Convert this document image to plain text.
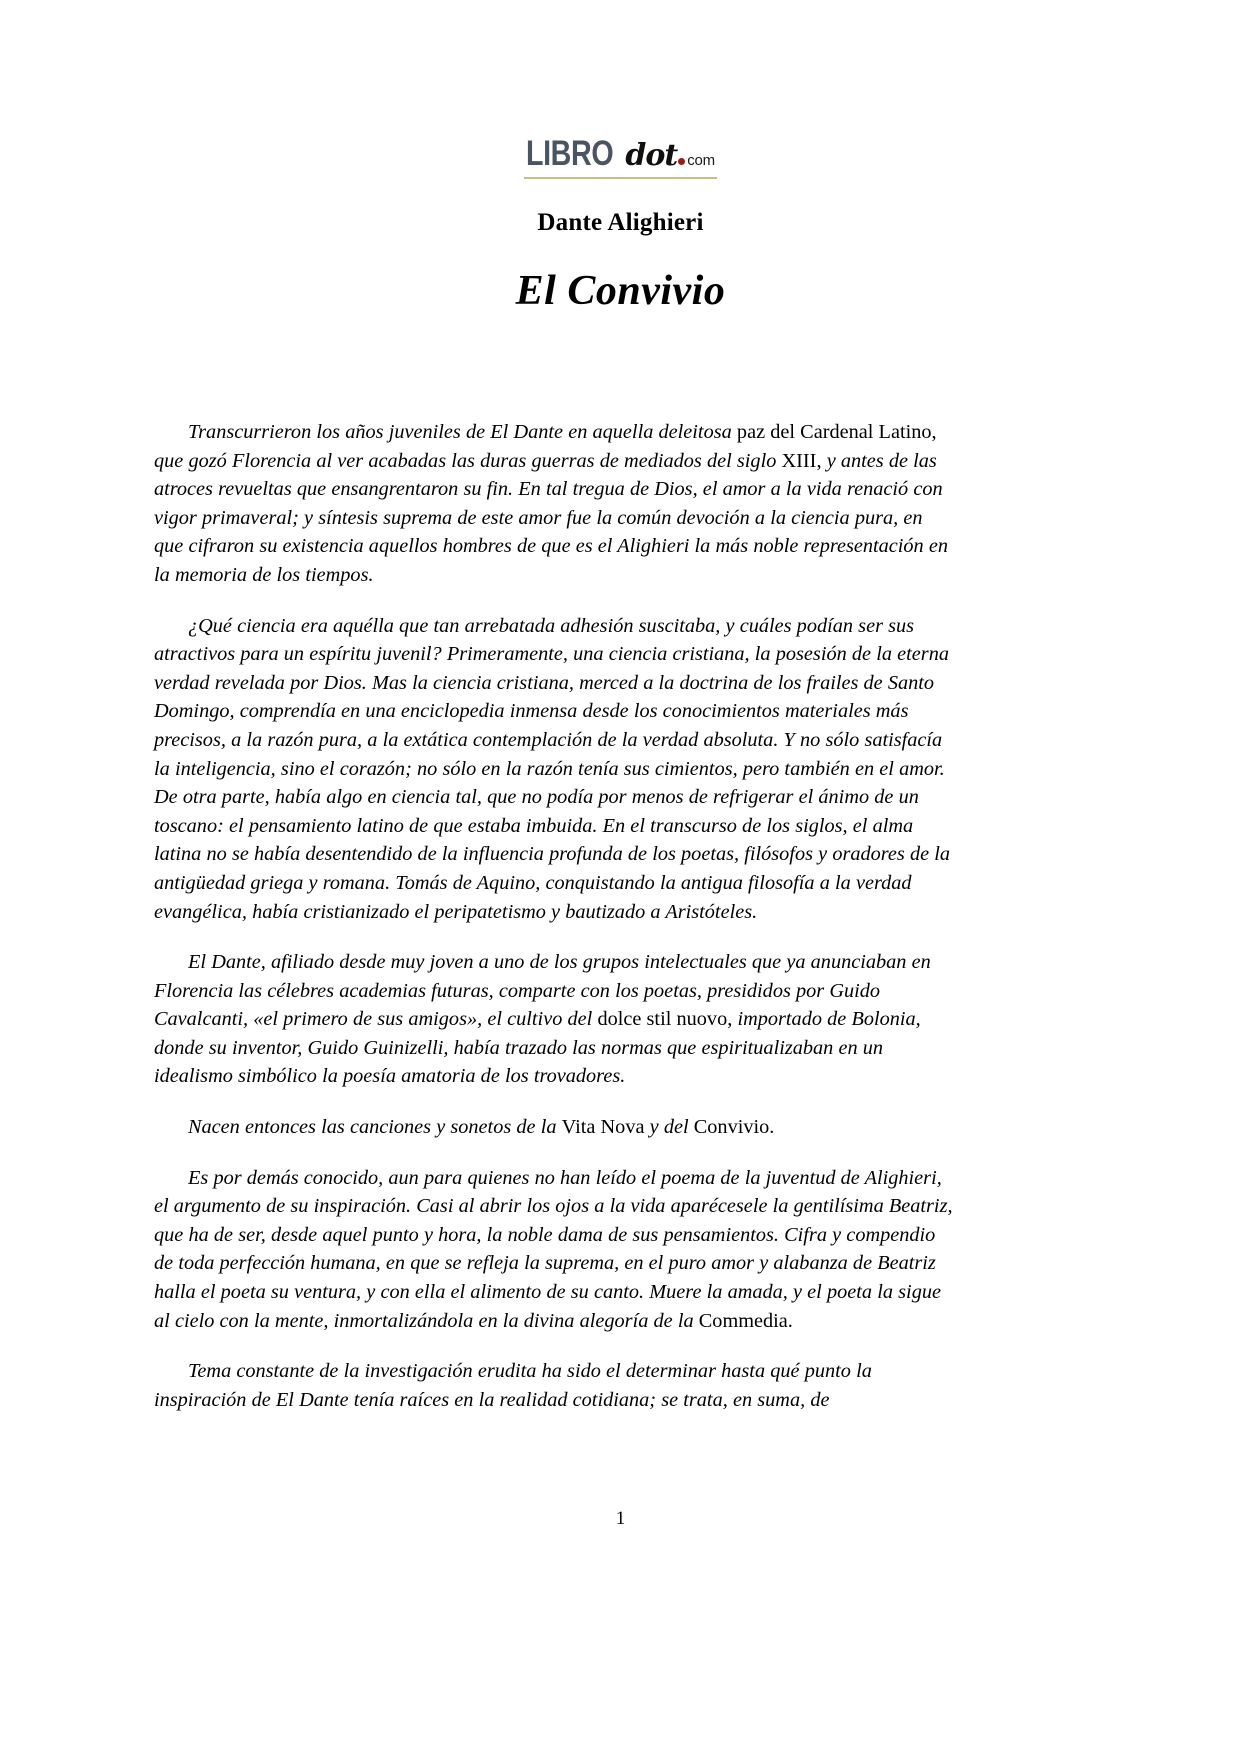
LIBRO dot com
Dante Alighieri
El Convivio

Transcurrieron los años juveniles de El Dante en aquella deleitosa paz del Cardenal Latino, que gozó Florencia al ver acabadas las duras guerras de mediados del siglo XIII, y antes de las atroces revueltas que ensangrentaron su fin. En tal tregua de Dios, el amor a la vida renació con vigor primaveral; y síntesis suprema de este amor fue la común devoción a la ciencia pura, en que cifraron su existencia aquellos hombres de que es el Alighieri la más noble representación en la memoria de los tiempos.

¿Qué ciencia era aquélla que tan arrebatada adhesión suscitaba, y cuáles podían ser sus atractivos para un espíritu juvenil? Primeramente, una ciencia cristiana, la posesión de la eterna verdad revelada por Dios. Mas la ciencia cristiana, merced a la doctrina de los frailes de Santo Domingo, comprendía en una enciclopedia inmensa desde los conocimientos materiales más precisos, a la razón pura, a la extática contemplación de la verdad absoluta. Y no sólo satisfacía la inteligencia, sino el corazón; no sólo en la razón tenía sus cimientos, pero también en el amor. De otra parte, había algo en ciencia tal, que no podía por menos de refrigerar el ánimo de un toscano: el pensamiento latino de que estaba imbuida. En el transcurso de los siglos, el alma latina no se había desentendido de la influencia profunda de los poetas, filósofos y oradores de la antigüedad griega y romana. Tomás de Aquino, conquistando la antigua filosofía a la verdad evangélica, había cristianizado el peripatetismo y bautizado a Aristóteles.

El Dante, afiliado desde muy joven a uno de los grupos intelectuales que ya anunciaban en Florencia las célebres academias futuras, comparte con los poetas, presididos por Guido Cavalcanti, «el primero de sus amigos», el cultivo del dolce stil nuovo, importado de Bolonia, donde su inventor, Guido Guinizelli, había trazado las normas que espiritualizaban en un idealismo simbólico la poesía amatoria de los trovadores.

Nacen entonces las canciones y sonetos de la Vita Nova y del Convivio.

Es por demás conocido, aun para quienes no han leído el poema de la juventud de Alighieri, el argumento de su inspiración. Casi al abrir los ojos a la vida aparécesele la gentilísima Beatriz, que ha de ser, desde aquel punto y hora, la noble dama de sus pensamientos. Cifra y compendio de toda perfección humana, en que se refleja la suprema, en el puro amor y alabanza de Beatriz halla el poeta su ventura, y con ella el alimento de su canto. Muere la amada, y el poeta la sigue al cielo con la mente, inmortalizándola en la divina alegoría de la Commedia.

Tema constante de la investigación erudita ha sido el determinar hasta qué punto la inspiración de El Dante tenía raíces en la realidad cotidiana; se trata, en suma, de

1
